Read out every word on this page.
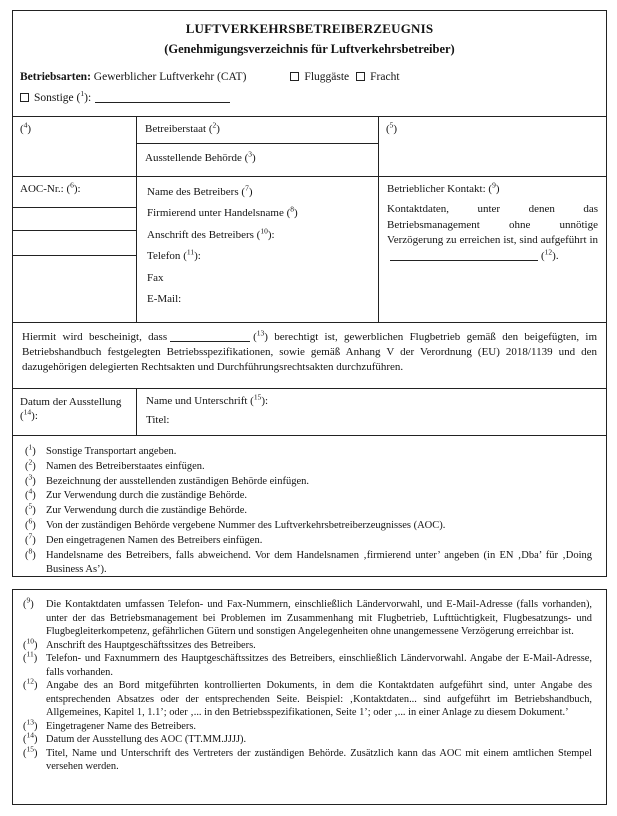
LUFTVERKEHRSBETREIBERZEUGNIS
(Genehmigungsverzeichnis für Luftverkehrsbetreiber)
Betriebsarten: Gewerblicher Luftverkehr (CAT)	Fluggäste Fracht
Sonstige ( $^1$ ) :
( $^4$ )	Betreiberstaat ( $^2$ )
Ausstellende Behörde ( $^3$ )
( $^5$ )
AOC-Nr.: ( $^6$ ) :	Name des Betreibers ( $^7$ )
Firmierend unter Handelsname ( $^8$ )
Anschrift des Betreibers ( $^{10}$ ) :
Telefon ( $^{11}$ ) :
Fax
E-Mail:
Betrieblicher Kontakt: ( $^9$ )

Kontaktdaten, unter denen das Betriebsmanagement ohne unnötige Verzögerung zu erreichen ist, sind aufgeführt in( $^{12}$ ) .

Hiermit wird bescheinigt, dass	( $^{13}$ ) berechtigt ist, gewerblichen Flugbetrieb gemäß den beigefügten, im Betriebshandbuch festgelegten Betriebsspezifikationen, sowie gemäß Anhang V der Verordnung (EU) 2018/1139 und den dazugehörigen delegierten Rechtsakten und Durchführungsrechtsakten durchzuführen.
Datum der Ausstellung ( $^{14}$ ) :
Name und Unterschrift ( $^{15}$ ) :
Titel:
( $^1$ )	Sonstige Transportart angeben.
( $^2$ )	Namen des Betreiberstaates einfügen.
( $^3$ )	Bezeichnung der ausstellenden zuständigen Behörde einfügen.
( $^4$ )	Zur Verwendung durch die zuständige Behörde.
( $^5$ )	Zur Verwendung durch die zuständige Behörde.
( $^6$ )	Von der zuständigen Behörde vergebene Nummer des Luftverkehrsbetreiberzeugnisses (AOC).
( $^7$ )	Den eingetragenen Namen des Betreibers einfügen.
( $^8$ )	Handelsname des Betreibers, falls abweichend. Vor dem Handelsnamen ‚firmierend unter’ angeben (in EN ‚Dba’ für ‚Doing Business As’).
( $^9$ )	Die Kontaktdaten umfassen Telefon- und Fax-Nummern, einschließlich Ländervorwahl, und E-Mail-Adresse (falls vorhanden), unter der das Betriebsmanagement bei Problemen im Zusammenhang mit Flugbetrieb, Lufttüchtigkeit, Flugbesatzungs- und Flugbegleiterkompetenz, gefährlichen Gütern und sonstigen Angelegenheiten ohne unangemessene Verzögerung erreichbar ist.
( $^{10}$ )	Anschrift des Hauptgeschäftssitzes des Betreibers.
( $^{11}$ )	Telefon- und Faxnummern des Hauptgeschäftssitzes des Betreibers, einschließlich Ländervorwahl. Angabe der E-Mail-Adresse, falls vorhanden.
( $^{12}$ )	Angabe des an Bord mitgeführten kontrollierten Dokuments, in dem die Kontaktdaten aufgeführt sind, unter Angabe des entsprechenden Absatzes oder der entsprechenden Seite. Beispiel: ‚Kontaktdaten... sind aufgeführt im Betriebshandbuch, Allgemeines, Kapitel 1, 1.1’; oder ‚... in den Betriebsspezifikationen, Seite 1’; oder ‚... in einer Anlage zu diesem Dokument.’
( $^{13}$ )	Eingetragener Name des Betreibers.
( $^{14}$ )	Datum der Ausstellung des AOC (TT.MM.JJJJ).
( $^{15}$ )	Titel, Name und Unterschrift des Vertreters der zuständigen Behörde. Zusätzlich kann das AOC mit einem amtlichen Stempel versehen werden.
